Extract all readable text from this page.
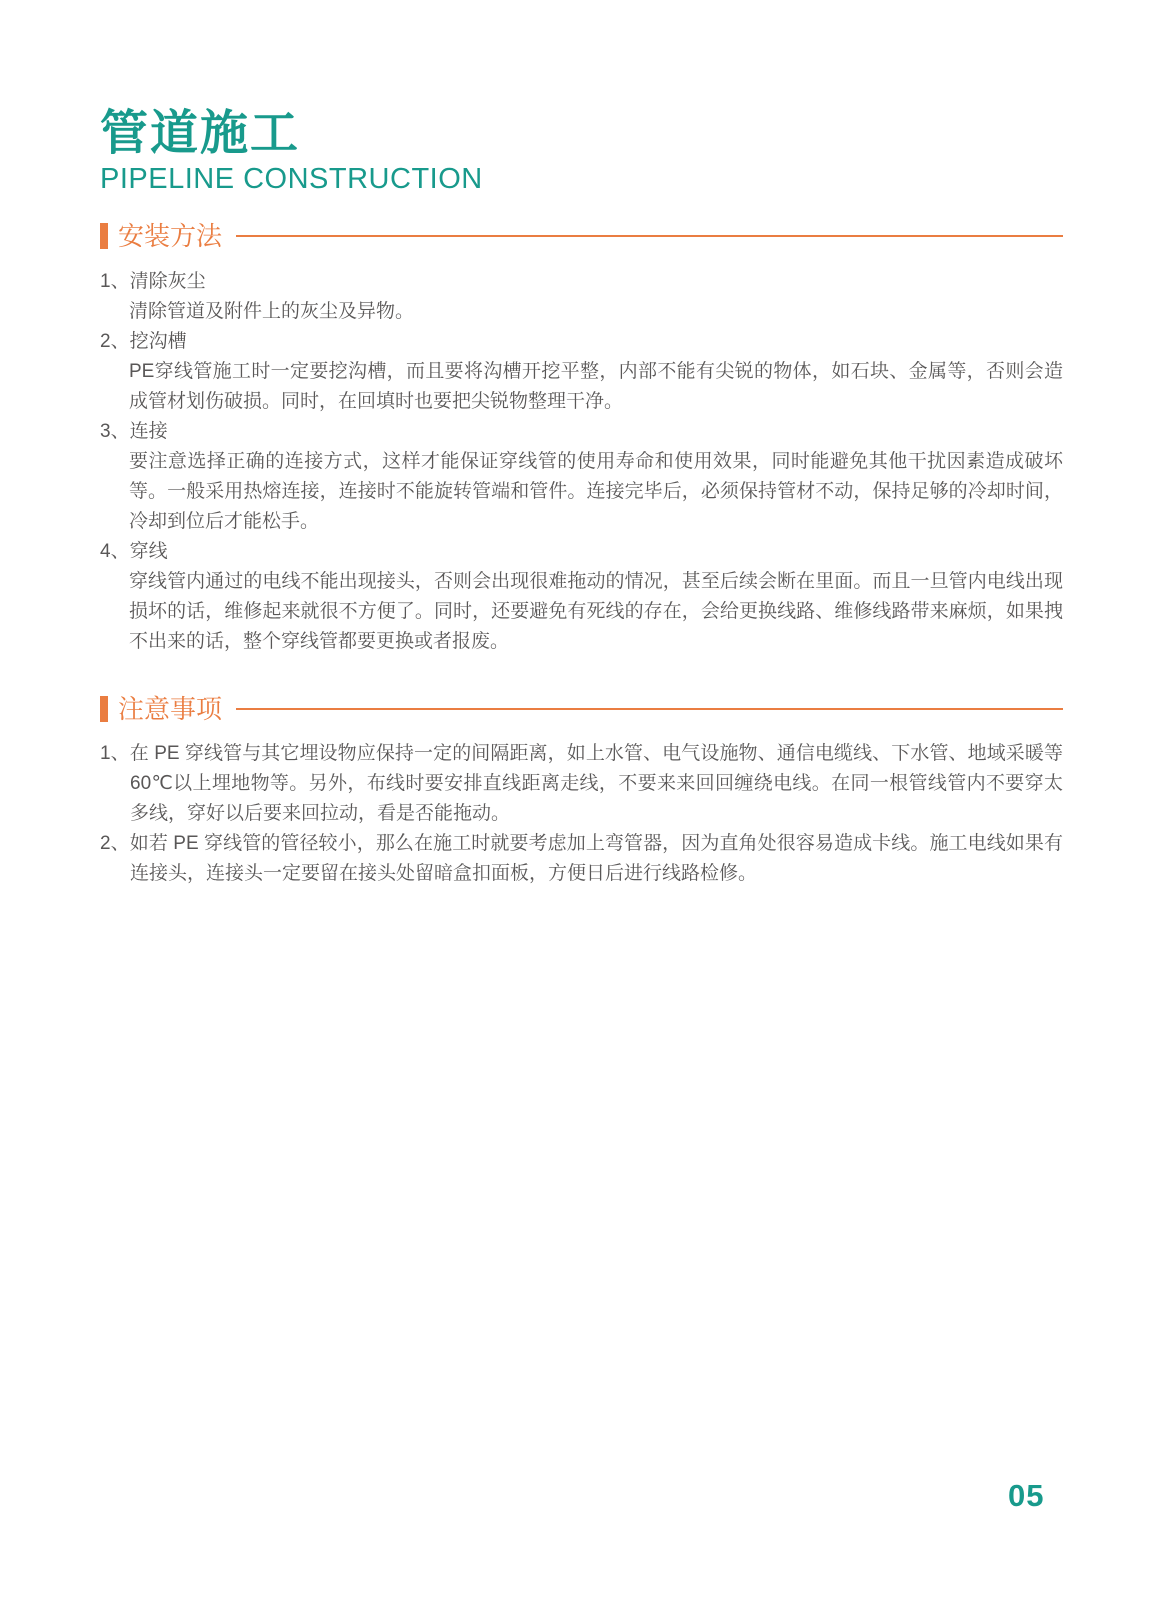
管道施工
PIPELINE CONSTRUCTION
安装方法
1、清除灰尘
清除管道及附件上的灰尘及异物。
2、挖沟槽
PE穿线管施工时一定要挖沟槽，而且要将沟槽开挖平整，内部不能有尖锐的物体，如石块、金属等，否则会造成管材划伤破损。同时，在回填时也要把尖锐物整理干净。
3、连接
要注意选择正确的连接方式，这样才能保证穿线管的使用寿命和使用效果，同时能避免其他干扰因素造成破坏等。一般采用热熔连接，连接时不能旋转管端和管件。连接完毕后，必须保持管材不动，保持足够的冷却时间，冷却到位后才能松手。
4、穿线
穿线管内通过的电线不能出现接头，否则会出现很难拖动的情况，甚至后续会断在里面。而且一旦管内电线出现损坏的话，维修起来就很不方便了。同时，还要避免有死线的存在，会给更换线路、维修线路带来麻烦，如果拽不出来的话，整个穿线管都要更换或者报废。
注意事项

1、在 PE 穿线管与其它埋设物应保持一定的间隔距离，如上水管、电气设施物、通信电缆线、下水管、地域采暖等 60℃以上埋地物等。另外，布线时要安排直线距离走线，不要来来回回缠绕电线。在同一根管线管内不要穿太多线，穿好以后要来回拉动，看是否能拖动。

2、如若 PE 穿线管的管径较小，那么在施工时就要考虑加上弯管器，因为直角处很容易造成卡线。施工电线如果有连接头，连接头一定要留在接头处留暗盒扣面板，方便日后进行线路检修。

05
